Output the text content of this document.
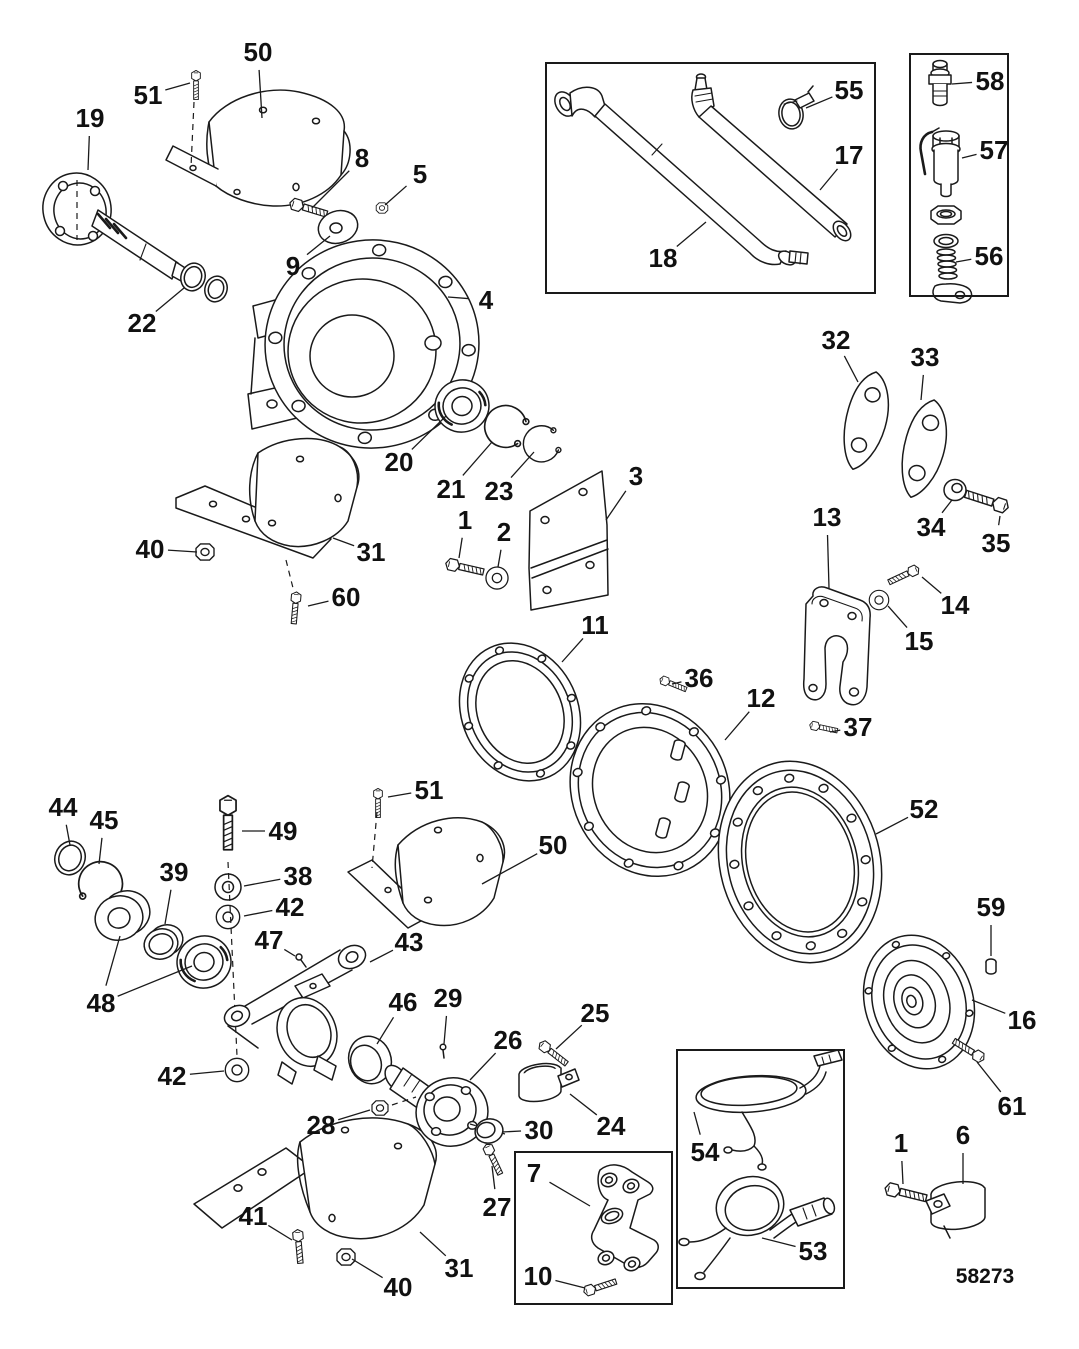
50
51
19
8
5
9
22
4
55
17
18
58
57
56
32
33
34
35
13
14
15
20
21 23
1 2
3
40	31
60
11
36
12
37
52
59
44 45
39
49
38
42
47	43
48
51
50
42
46 29
26
25
24
28	30
27
31
40
41
7
10
54
53
16
61
1 6
58273
